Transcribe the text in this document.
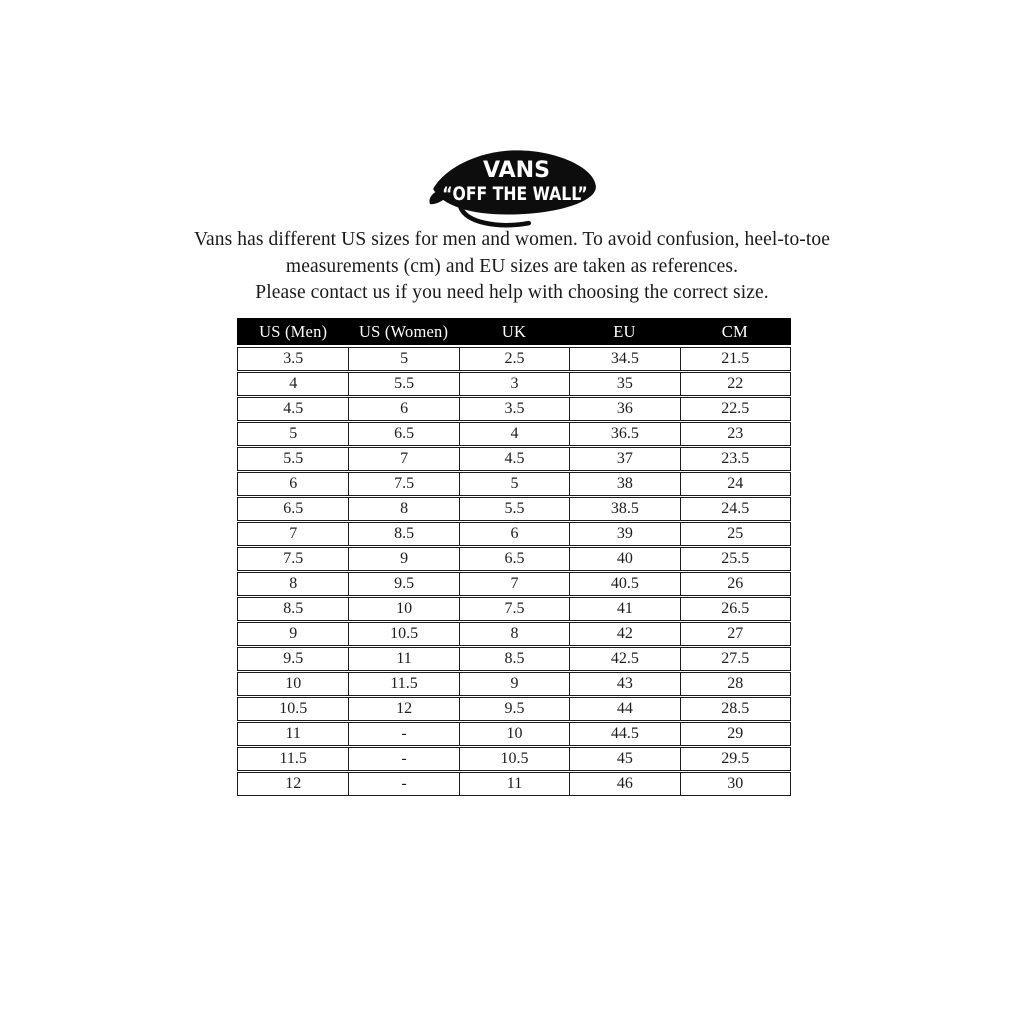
VANS
“OFF THE WALL”
Vans has different US sizes for men and women. To avoid confusion, heel-to-toe
measurements (cm) and EU sizes are taken as references.
Please contact us if you need help with choosing the correct size.
US (Men)	US (Women)	UK	EU	CM
3.5	5	2.5	34.5	21.5
4	5.5	3	35	22
4.5	6	3.5	36	22.5
5	6.5	4	36.5	23
5.5	7	4.5	37	23.5
6	7.5	5	38	24
6.5	8	5.5	38.5	24.5
7	8.5	6	39	25
7.5	9	6.5	40	25.5
8	9.5	7	40.5	26
8.5	10	7.5	41	26.5
9	10.5	8	42	27
9.5	11	8.5	42.5	27.5
10	11.5	9	43	28
10.5	12	9.5	44	28.5
11	-	10	44.5	29
11.5	-	10.5	45	29.5
12	-	11	46	30
